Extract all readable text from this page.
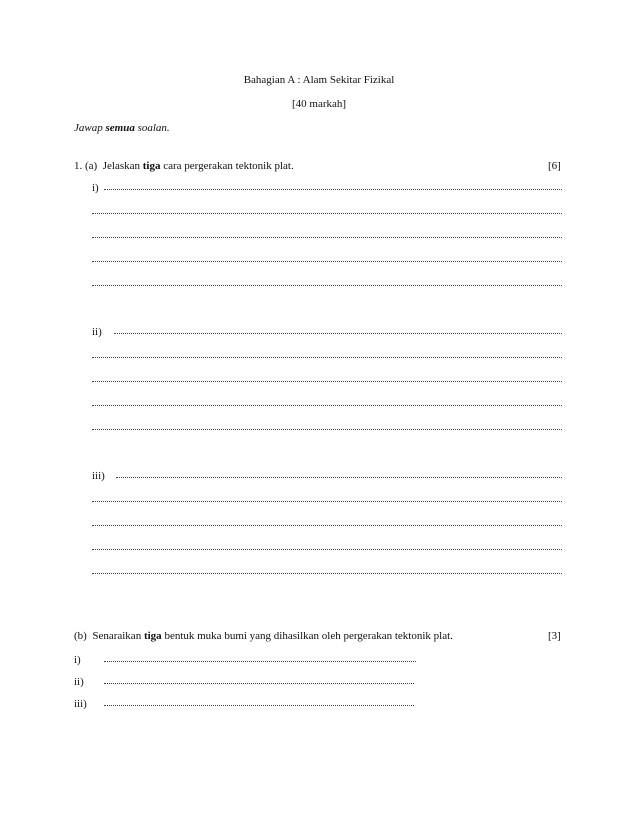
Bahagian A : Alam Sekitar Fizikal
[40 markah]
Jawap semua soalan.
1. (a) Jelaskan tiga cara pergerakan tektonik plat.	[6]
i)
ii)
iii)
(b) Senaraikan tiga bentuk muka bumi yang dihasilkan oleh pergerakan tektonik plat.	[3]
i)
ii)
iii)
